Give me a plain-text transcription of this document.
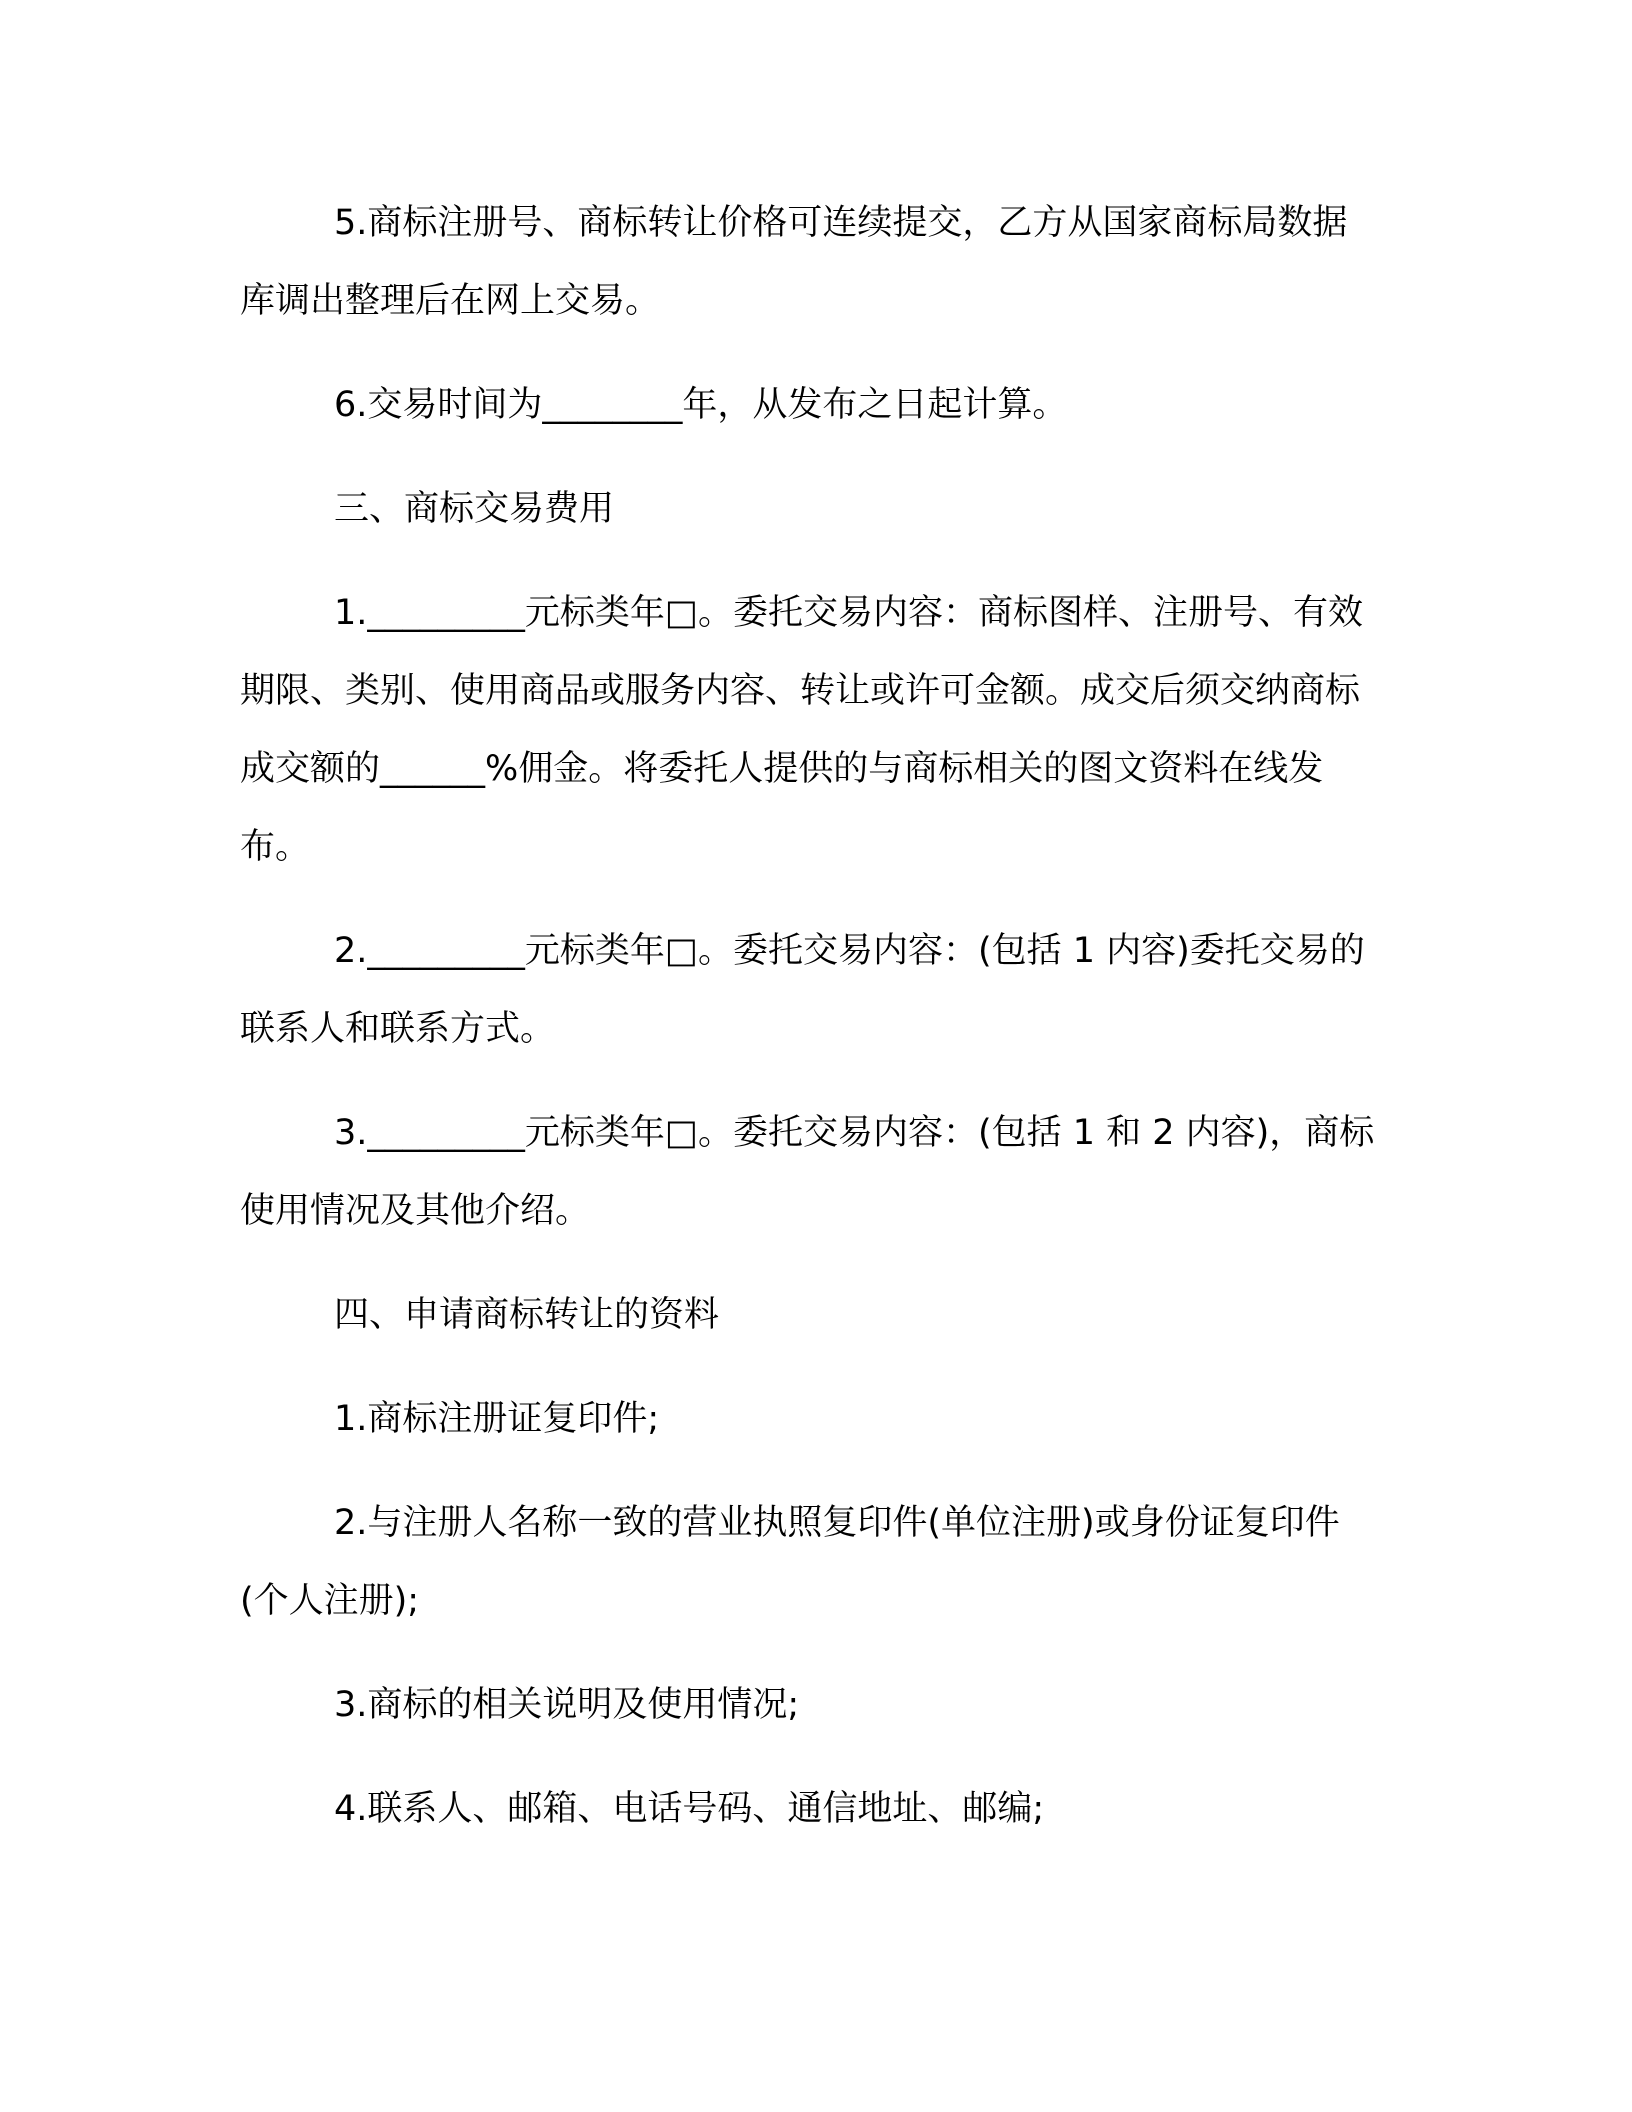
5.商标注册号、商标转让价格可连续提交，乙方从国家商标局数据库调出整理后在网上交易。

6.交易时间为________年，从发布之日起计算。

三、商标交易费用

1._________元标类年□。委托交易内容：商标图样、注册号、有效期限、类别、使用商品或服务内容、转让或许可金额。成交后须交纳商标成交额的______%佣金。将委托人提供的与商标相关的图文资料在线发布。

2._________元标类年□。委托交易内容：(包括 1 内容)委托交易的联系人和联系方式。

3._________元标类年□。委托交易内容：(包括 1 和 2 内容)，商标使用情况及其他介绍。

四、申请商标转让的资料

1.商标注册证复印件;

2.与注册人名称一致的营业执照复印件(单位注册)或身份证复印件(个人注册);

3.商标的相关说明及使用情况;

4.联系人、邮箱、电话号码、通信地址、邮编;
